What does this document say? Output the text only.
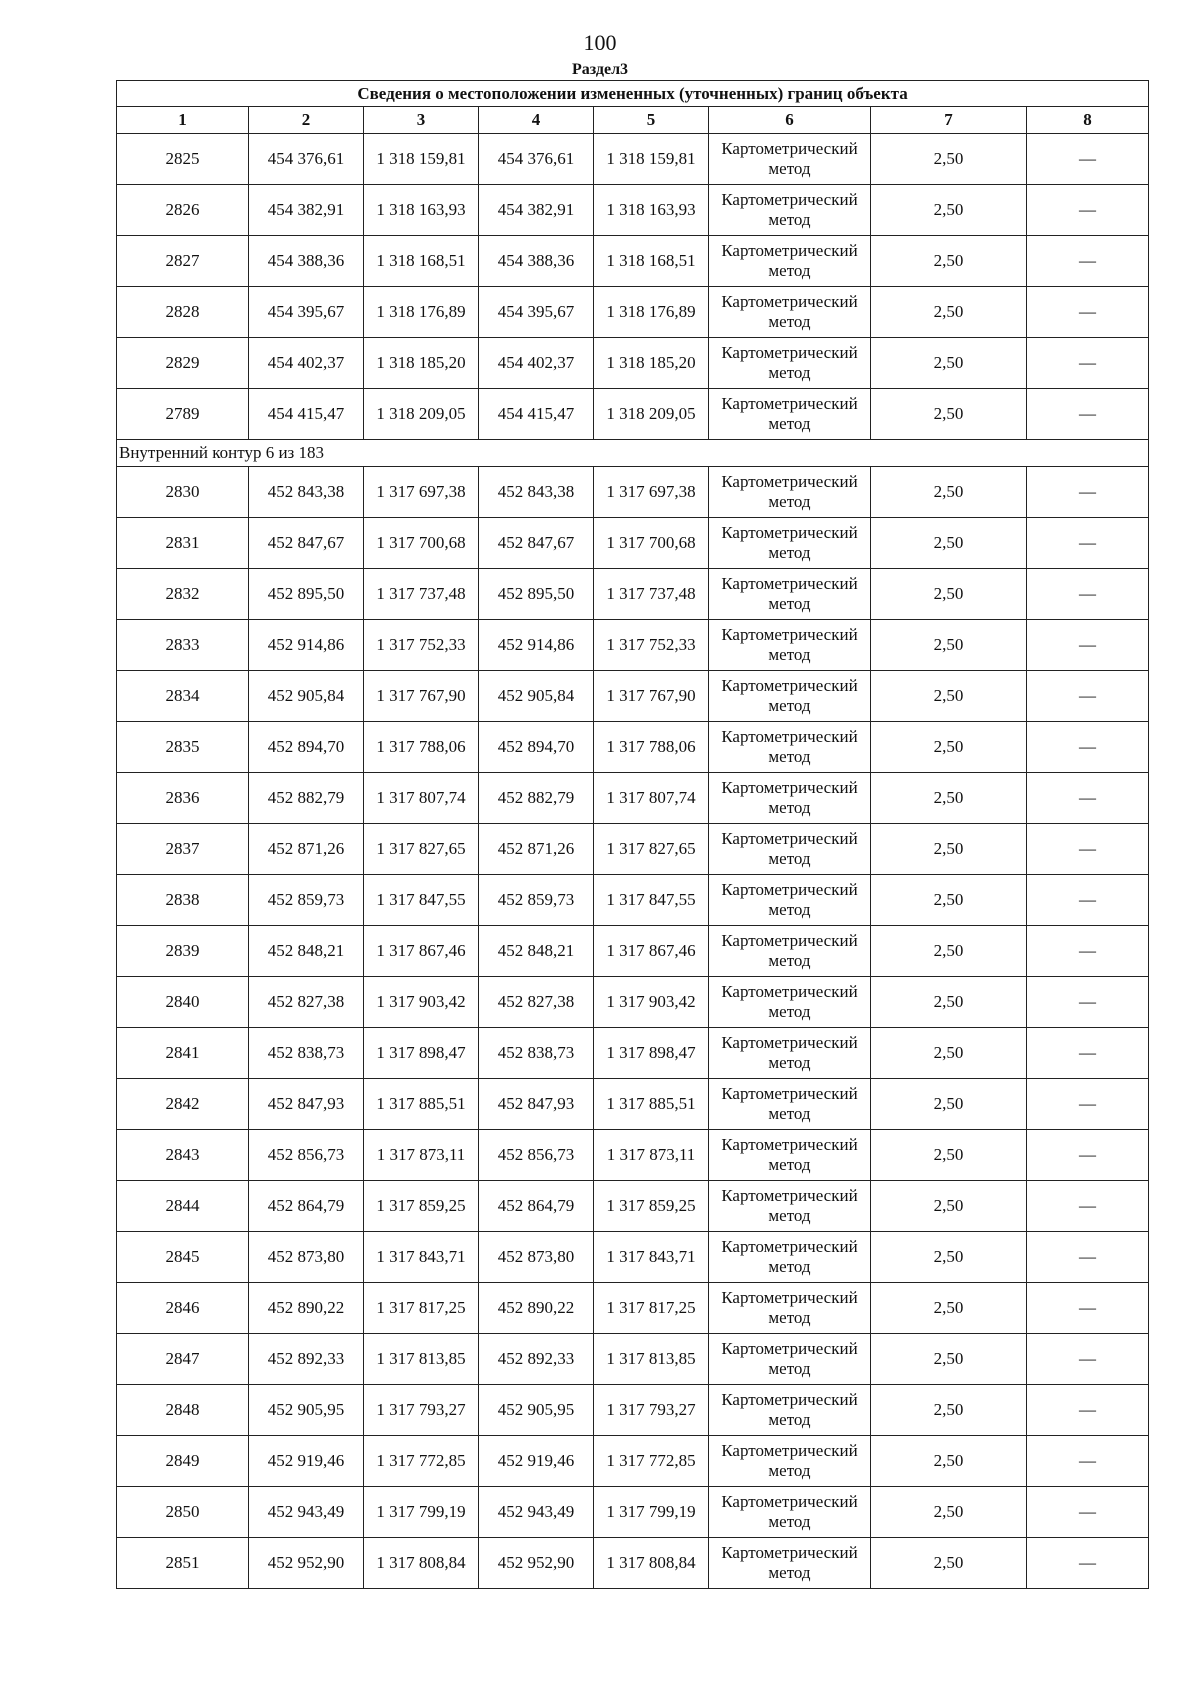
100
Раздел3
Сведения о местоположении измененных (уточненных) границ объекта							
1	2	3	4	5	6	7	8
2825	454 376,61	1 318 159,81	454 376,61	1 318 159,81	Картометрический метод	2,50	—
2826	454 382,91	1 318 163,93	454 382,91	1 318 163,93	Картометрический метод	2,50	—
2827	454 388,36	1 318 168,51	454 388,36	1 318 168,51	Картометрический метод	2,50	—
2828	454 395,67	1 318 176,89	454 395,67	1 318 176,89	Картометрический метод	2,50	—
2829	454 402,37	1 318 185,20	454 402,37	1 318 185,20	Картометрический метод	2,50	—
2789	454 415,47	1 318 209,05	454 415,47	1 318 209,05	Картометрический метод	2,50	—
Внутренний контур 6 из 183							
2830	452 843,38	1 317 697,38	452 843,38	1 317 697,38	Картометрический метод	2,50	—
2831	452 847,67	1 317 700,68	452 847,67	1 317 700,68	Картометрический метод	2,50	—
2832	452 895,50	1 317 737,48	452 895,50	1 317 737,48	Картометрический метод	2,50	—
2833	452 914,86	1 317 752,33	452 914,86	1 317 752,33	Картометрический метод	2,50	—
2834	452 905,84	1 317 767,90	452 905,84	1 317 767,90	Картометрический метод	2,50	—
2835	452 894,70	1 317 788,06	452 894,70	1 317 788,06	Картометрический метод	2,50	—
2836	452 882,79	1 317 807,74	452 882,79	1 317 807,74	Картометрический метод	2,50	—
2837	452 871,26	1 317 827,65	452 871,26	1 317 827,65	Картометрический метод	2,50	—
2838	452 859,73	1 317 847,55	452 859,73	1 317 847,55	Картометрический метод	2,50	—
2839	452 848,21	1 317 867,46	452 848,21	1 317 867,46	Картометрический метод	2,50	—
2840	452 827,38	1 317 903,42	452 827,38	1 317 903,42	Картометрический метод	2,50	—
2841	452 838,73	1 317 898,47	452 838,73	1 317 898,47	Картометрический метод	2,50	—
2842	452 847,93	1 317 885,51	452 847,93	1 317 885,51	Картометрический метод	2,50	—
2843	452 856,73	1 317 873,11	452 856,73	1 317 873,11	Картометрический метод	2,50	—
2844	452 864,79	1 317 859,25	452 864,79	1 317 859,25	Картометрический метод	2,50	—
2845	452 873,80	1 317 843,71	452 873,80	1 317 843,71	Картометрический метод	2,50	—
2846	452 890,22	1 317 817,25	452 890,22	1 317 817,25	Картометрический метод	2,50	—
2847	452 892,33	1 317 813,85	452 892,33	1 317 813,85	Картометрический метод	2,50	—
2848	452 905,95	1 317 793,27	452 905,95	1 317 793,27	Картометрический метод	2,50	—
2849	452 919,46	1 317 772,85	452 919,46	1 317 772,85	Картометрический метод	2,50	—
2850	452 943,49	1 317 799,19	452 943,49	1 317 799,19	Картометрический метод	2,50	—
2851	452 952,90	1 317 808,84	452 952,90	1 317 808,84	Картометрический метод	2,50	—
